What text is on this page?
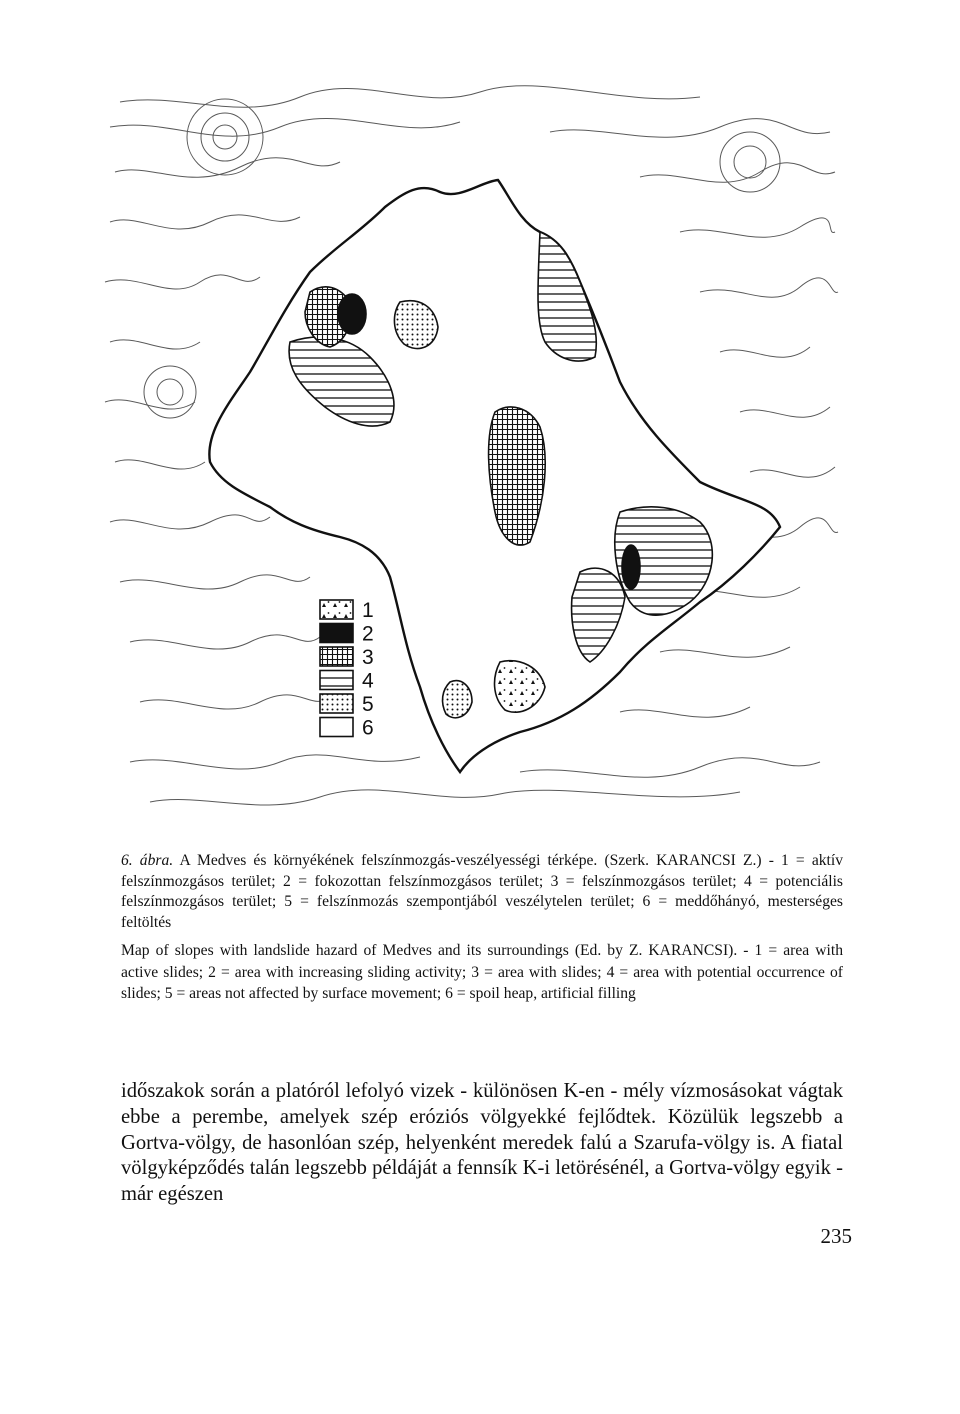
1
2
3
4
5
6

6. ábra. A Medves és környékének felszínmozgás-veszélyességi térképe. (Szerk. KARANCSI Z.) - 1 = aktív felszínmozgásos terület; 2 = fokozottan felszínmozgásos terület; 3 = felszínmozgásos terület; 4 = potenciális felszínmozgásos terület; 5 = felszínmozás szempontjából veszélytelen terület; 6 = meddőhányó, mesterséges feltöltés

Map of slopes with landslide hazard of Medves and its surroundings (Ed. by Z. KARANCSI). - 1 = area with active slides; 2 = area with increasing sliding activity; 3 = area with slides; 4 = area with potential occurrence of slides; 5 = areas not affected by surface movement; 6 = spoil heap, artificial filling

időszakok során a platóról lefolyó vizek - különösen K-en - mély vízmosásokat vágtak ebbe a perembe, amelyek szép eróziós völgyekké fejlődtek. Közülük legszebb a Gortva-völgy, de hasonlóan szép, helyenként meredek falú a Szarufa-völgy is. A fiatal völgyképződés talán legszebb példáját a fennsík K-i letörésénél, a Gortva-völgy egyik - már egészen

235
